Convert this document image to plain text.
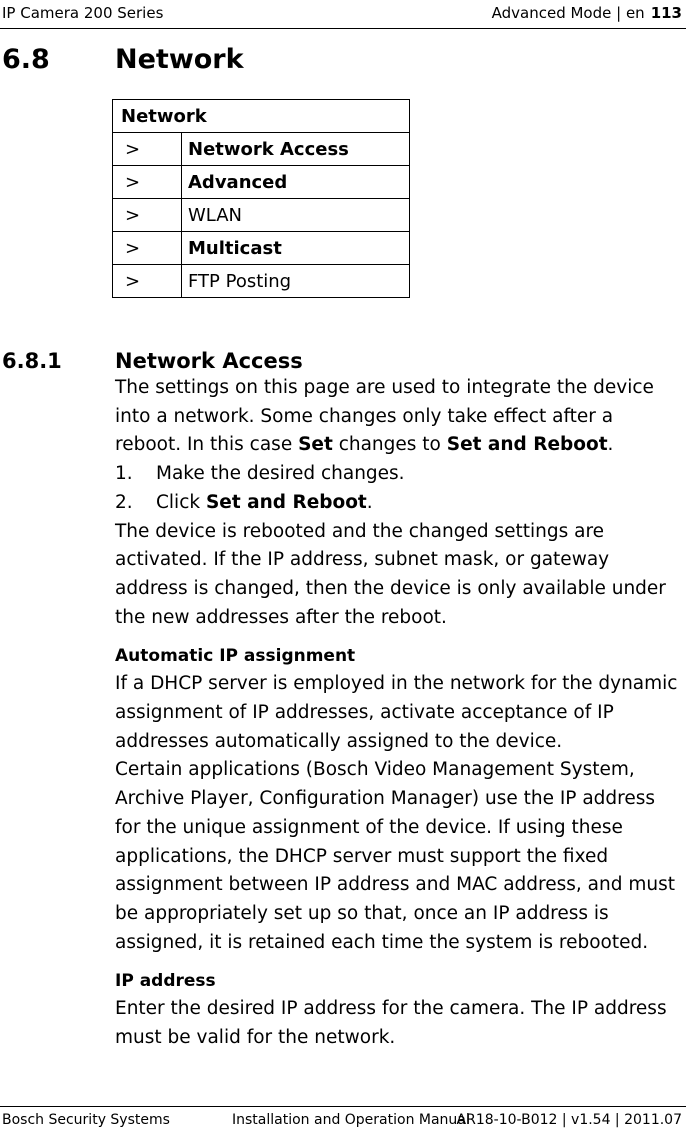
IP Camera 200 Series	Advanced Mode | en 113
6.8 Network
Network	
>	Network Access
>	Advanced
>	WLAN
>	Multicast
>	FTP Posting
6.8.1	Network Access

The settings on this page are used to integrate the device into a network. Some changes only take effect after a reboot. In this case Set changes to Set and Reboot.

1.	Make the desired changes.
2.	Click Set and Reboot.

The device is rebooted and the changed settings are activated. If the IP address, subnet mask, or gateway address is changed, then the device is only available under the new addresses after the reboot.

Automatic IP assignment

If a DHCP server is employed in the network for the dynamic assignment of IP addresses, activate acceptance of IP addresses automatically assigned to the device.

Certain applications (Bosch Video Management System, Archive Player, Configuration Manager) use the IP address for the unique assignment of the device. If using these applications, the DHCP server must support the fixed assignment between IP address and MAC address, and must be appropriately set up so that, once an IP address is assigned, it is retained each time the system is rebooted.

IP address

Enter the desired IP address for the camera. The IP address must be valid for the network.

Bosch Security Systems	Installation and Operation Manual
AR18-10-B012 | v1.54 | 2011.07
